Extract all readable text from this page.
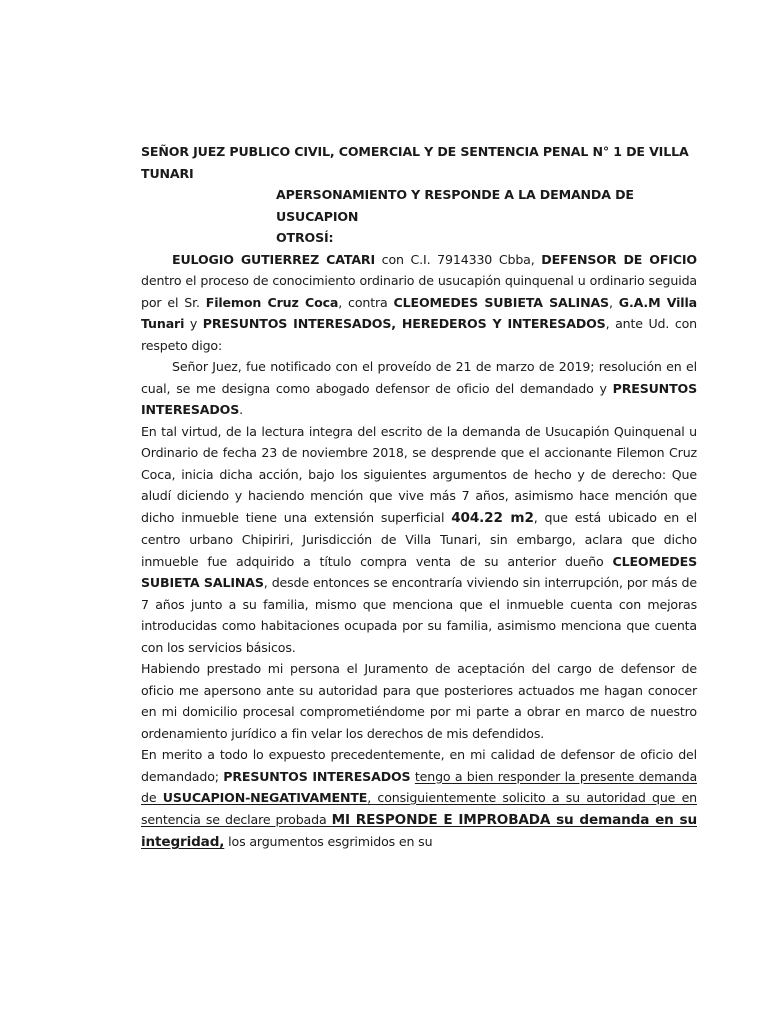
SEÑOR JUEZ PUBLICO CIVIL, COMERCIAL Y DE SENTENCIA PENAL N° 1 DE VILLA TUNARI

APERSONAMIENTO Y RESPONDE A LA DEMANDA DE

USUCAPION

OTROSÍ:

EULOGIO GUTIERREZ CATARI con C.I. 7914330 Cbba, DEFENSOR DE OFICIO dentro el proceso de conocimiento ordinario de usucapión quinquenal u ordinario seguida por el Sr. Filemon Cruz Coca, contra CLEOMEDES SUBIETA SALINAS, G.A.M Villa Tunari y PRESUNTOS INTERESADOS, HEREDEROS Y INTERESADOS, ante Ud. con respeto digo:

Señor Juez, fue notificado con el proveído de 21 de marzo de 2019; resolución en el cual, se me designa como abogado defensor de oficio del demandado y PRESUNTOS INTERESADOS.

En tal virtud, de la lectura integra del escrito de la demanda de Usucapión Quinquenal u Ordinario de fecha 23 de noviembre 2018, se desprende que el accionante Filemon Cruz Coca, inicia dicha acción, bajo los siguientes argumentos de hecho y de derecho: Que aludí diciendo y haciendo mención que vive más 7 años, asimismo hace mención que dicho inmueble tiene una extensión superficial 404.22 m2, que está ubicado en el centro urbano Chipiriri, Jurisdicción de Villa Tunari, sin embargo, aclara que dicho inmueble fue adquirido a título compra venta de su anterior dueño CLEOMEDES SUBIETA SALINAS, desde entonces se encontraría viviendo sin interrupción, por más de 7 años junto a su familia, mismo que menciona que el inmueble cuenta con mejoras introducidas como habitaciones ocupada por su familia, asimismo menciona que cuenta con los servicios básicos.

Habiendo prestado mi persona el Juramento de aceptación del cargo de defensor de oficio me apersono ante su autoridad para que posteriores actuados me hagan conocer en mi domicilio procesal comprometiéndome por mi parte a obrar en marco de nuestro ordenamiento jurídico a fin velar los derechos de mis defendidos.

En merito a todo lo expuesto precedentemente, en mi calidad de defensor de oficio del demandado; PRESUNTOS INTERESADOS tengo a bien responder la presente demanda de USUCAPION-NEGATIVAMENTE, consiguientemente solicito a su autoridad que en sentencia se declare probada MI RESPONDE E IMPROBADA su demanda en su integridad, los argumentos esgrimidos en su
